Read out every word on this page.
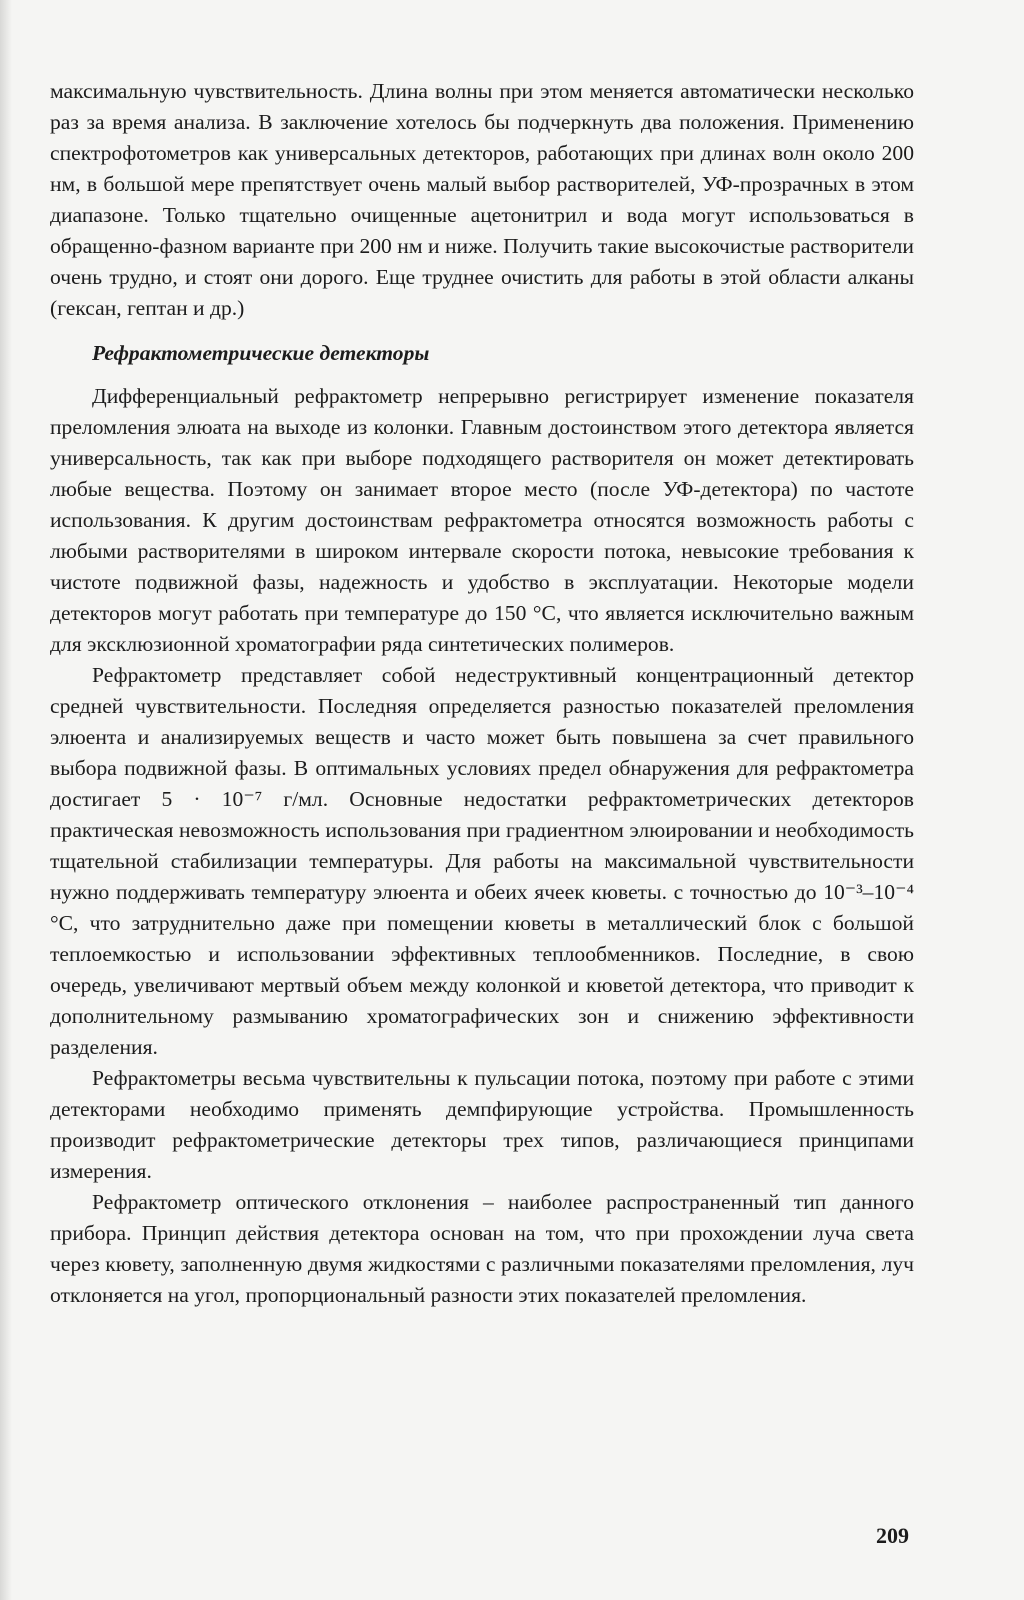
максимальную чувствительность. Длина волны при этом меняется автоматически несколько раз за время анализа. В заключение хотелось бы подчеркнуть два положения. Применению спектрофотометров как универсальных детекторов, работающих при длинах волн около 200 нм, в большой мере препятствует очень малый выбор растворителей, УФ-прозрачных в этом диапазоне. Только тщательно очищенные ацетонитрил и вода могут использоваться в обращенно-фазном варианте при 200 нм и ниже. Получить такие высокочистые растворители очень трудно, и стоят они дорого. Еще труднее очистить для работы в этой области алканы (гексан, гептан и др.)

Рефрактометрические детекторы

Дифференциальный рефрактометр непрерывно регистрирует изменение показателя преломления элюата на выходе из колонки. Главным достоинством этого детектора является универсальность, так как при выборе подходящего растворителя он может детектировать любые вещества. Поэтому он занимает второе место (после УФ-детектора) по частоте использования. К другим достоинствам рефрактометра относятся возможность работы с любыми растворителями в широком интервале скорости потока, невысокие требования к чистоте подвижной фазы, надежность и удобство в эксплуатации. Некоторые модели детекторов могут работать при температуре до 150 °С, что является исключительно важным для эксклюзионной хроматографии ряда синтетических полимеров.

Рефрактометр представляет собой недеструктивный концентрационный детектор средней чувствительности. Последняя определяется разностью показателей преломления элюента и анализируемых веществ и часто может быть повышена за счет правильного выбора подвижной фазы. В оптимальных условиях предел обнаружения для рефрактометра достигает 5 · 10⁻⁷ г/мл. Основные недостатки рефрактометрических детекторов практическая невозможность использования при градиентном элюировании и необходимость тщательной стабилизации температуры. Для работы на максимальной чувствительности нужно поддерживать температуру элюента и обеих ячеек кюветы. с точностью до 10⁻³–10⁻⁴ °С, что затруднительно даже при помещении кюветы в металлический блок с большой теплоемкостью и использовании эффективных теплообменников. Последние, в свою очередь, увеличивают мертвый объем между колонкой и кюветой детектора, что приводит к дополнительному размыванию хроматографических зон и снижению эффективности разделения.

Рефрактометры весьма чувствительны к пульсации потока, поэтому при работе с этими детекторами необходимо применять демпфирующие устройства. Промышленность производит рефрактометрические детекторы трех типов, различающиеся принципами измерения.

Рефрактометр оптического отклонения – наиболее распространенный тип данного прибора. Принцип действия детектора основан на том, что при прохождении луча света через кювету, заполненную двумя жидкостями с различными показателями преломления, луч отклоняется на угол, пропорциональный разности этих показателей преломления.

209
